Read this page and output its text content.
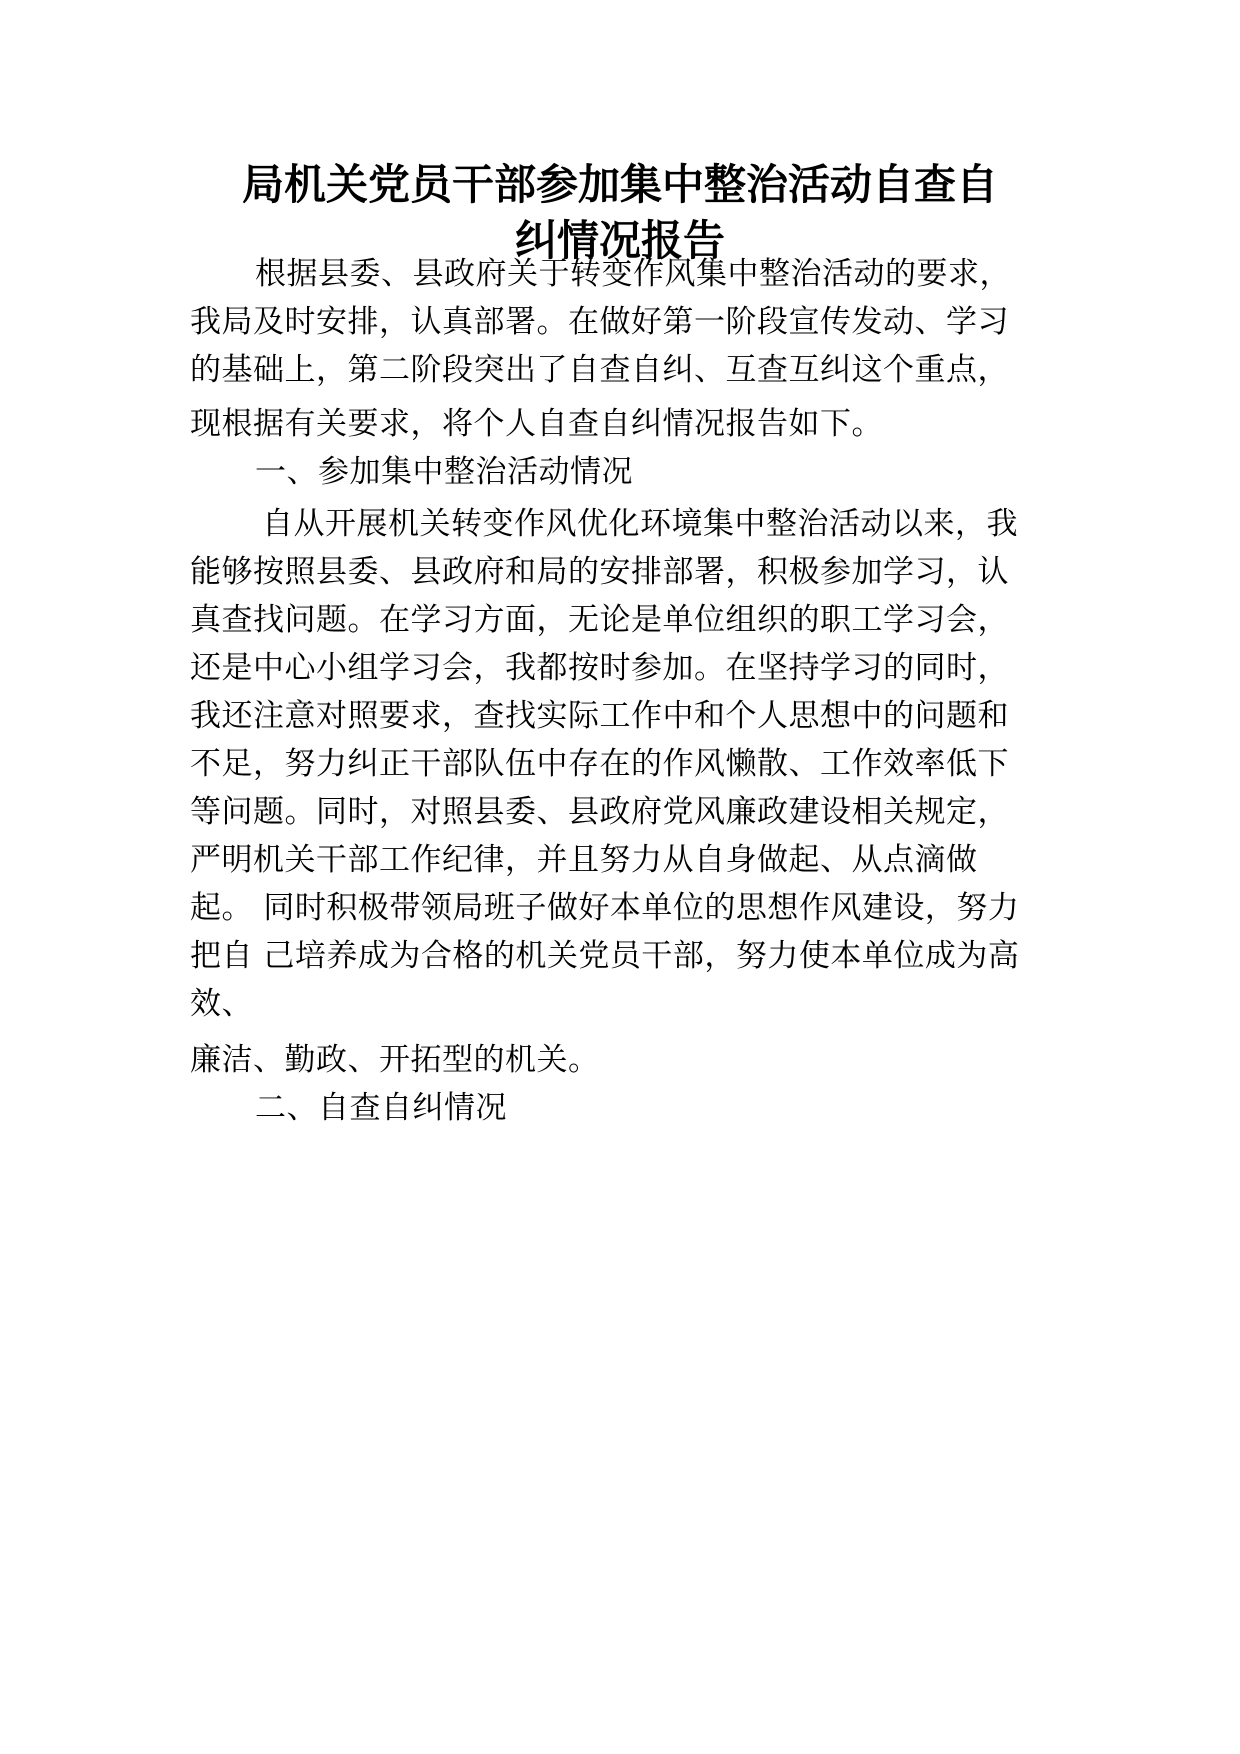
局机关党员干部参加集中整治活动自查自
纠情况报告
根据县委、县政府关于转变作风集中整治活动的要求，
我局及时安排，认真部署。在做好第一阶段宣传发动、学习
的基础上，第二阶段突出了自查自纠、互查互纠这个重点，
现根据有关要求，将个人自查自纠情况报告如下。
一、参加集中整治活动情况
自从开展机关转变作风优化环境集中整治活动以来，我
能够按照县委、县政府和局的安排部署，积极参加学习，认
真查找问题。在学习方面，无论是单位组织的职工学习会，
还是中心小组学习会，我都按时参加。在坚持学习的同时，
我还注意对照要求，查找实际工作中和个人思想中的问题和
不足，努力纠正干部队伍中存在的作风懒散、工作效率低下
等问题。同时，对照县委、县政府党风廉政建设相关规定，
严明机关干部工作纪律，并且努力从自身做起、从点滴做
起。 同时积极带领局班子做好本单位的思想作风建设，努力
把自 己培养成为合格的机关党员干部，努力使本单位成为高
效、
廉洁、勤政、开拓型的机关。
二、自查自纠情况
